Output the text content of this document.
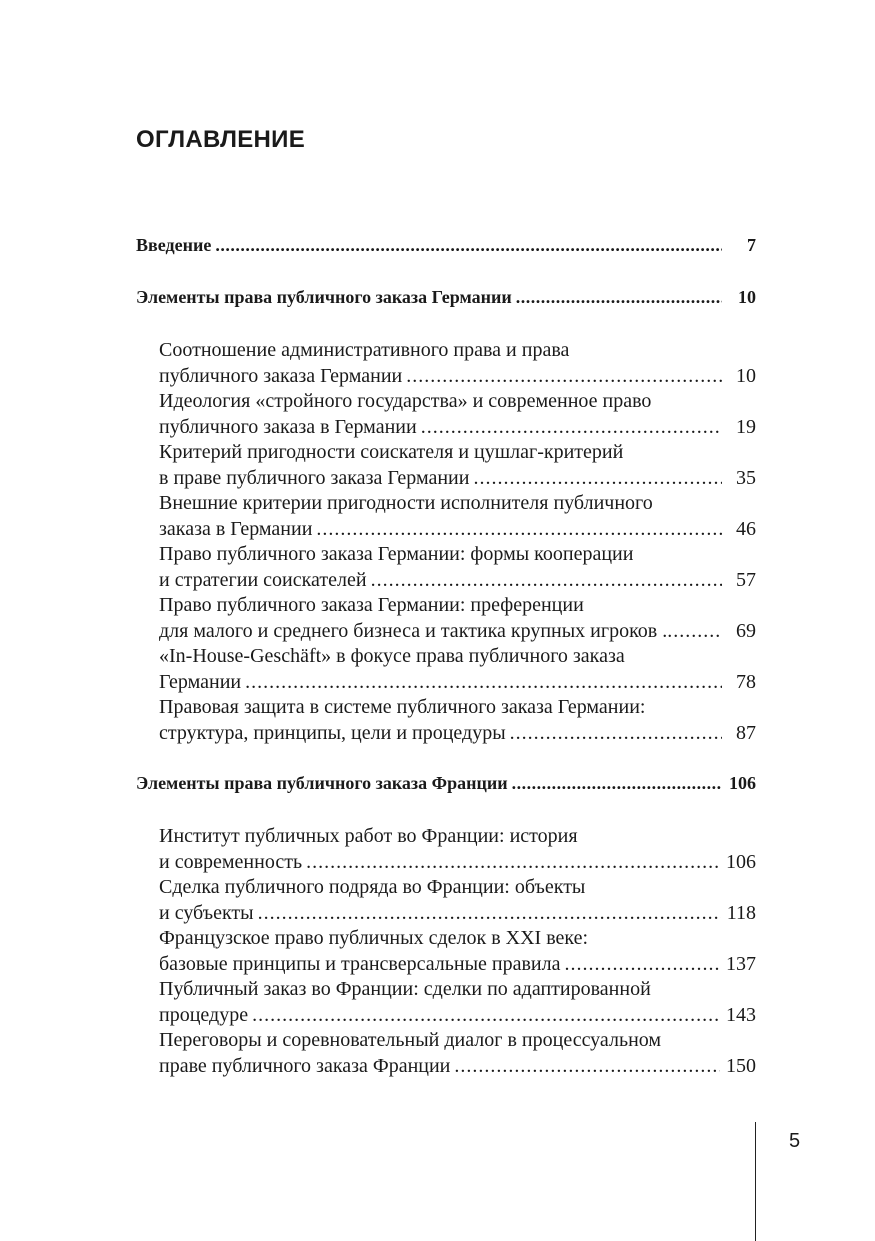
ОГЛАВЛЕНИЕ
Введение . . .	7
Элементы права публичного заказа Германии . . .	10
Соотношение административного права и права
публичного заказа Германии . . .	10
Идеология «стройного государства» и современное право
публичного заказа в Германии . . .	19
Критерий пригодности соискателя и цушлаг-критерий
в праве публичного заказа Германии . . .	35
Внешние критерии пригодности исполнителя публичного
заказа в Германии . . .	46
Право публичного заказа Германии: формы кооперации
и стратегии соискателей . . .	57
Право публичного заказа Германии: преференции
для малого и среднего бизнеса и тактика крупных игроков . . . .	69
«In-House-Geschäft» в фокусе права публичного заказа
Германии . . .	78
Правовая защита в системе публичного заказа Германии:
структура, принципы, цели и процедуры . . .	87
Элементы права публичного заказа Франции . . .	106
Институт публичных работ во Франции: история
и современность . . .	106
Сделка публичного подряда во Франции: объекты
и субъекты . . .	118
Французское право публичных сделок в XXI веке:
базовые принципы и трансверсальные правила . . .	137
Публичный заказ во Франции: сделки по адаптированной
процедуре . . .	143
Переговоры и соревновательный диалог в процессуальном
праве публичного заказа Франции . . .	150
5
